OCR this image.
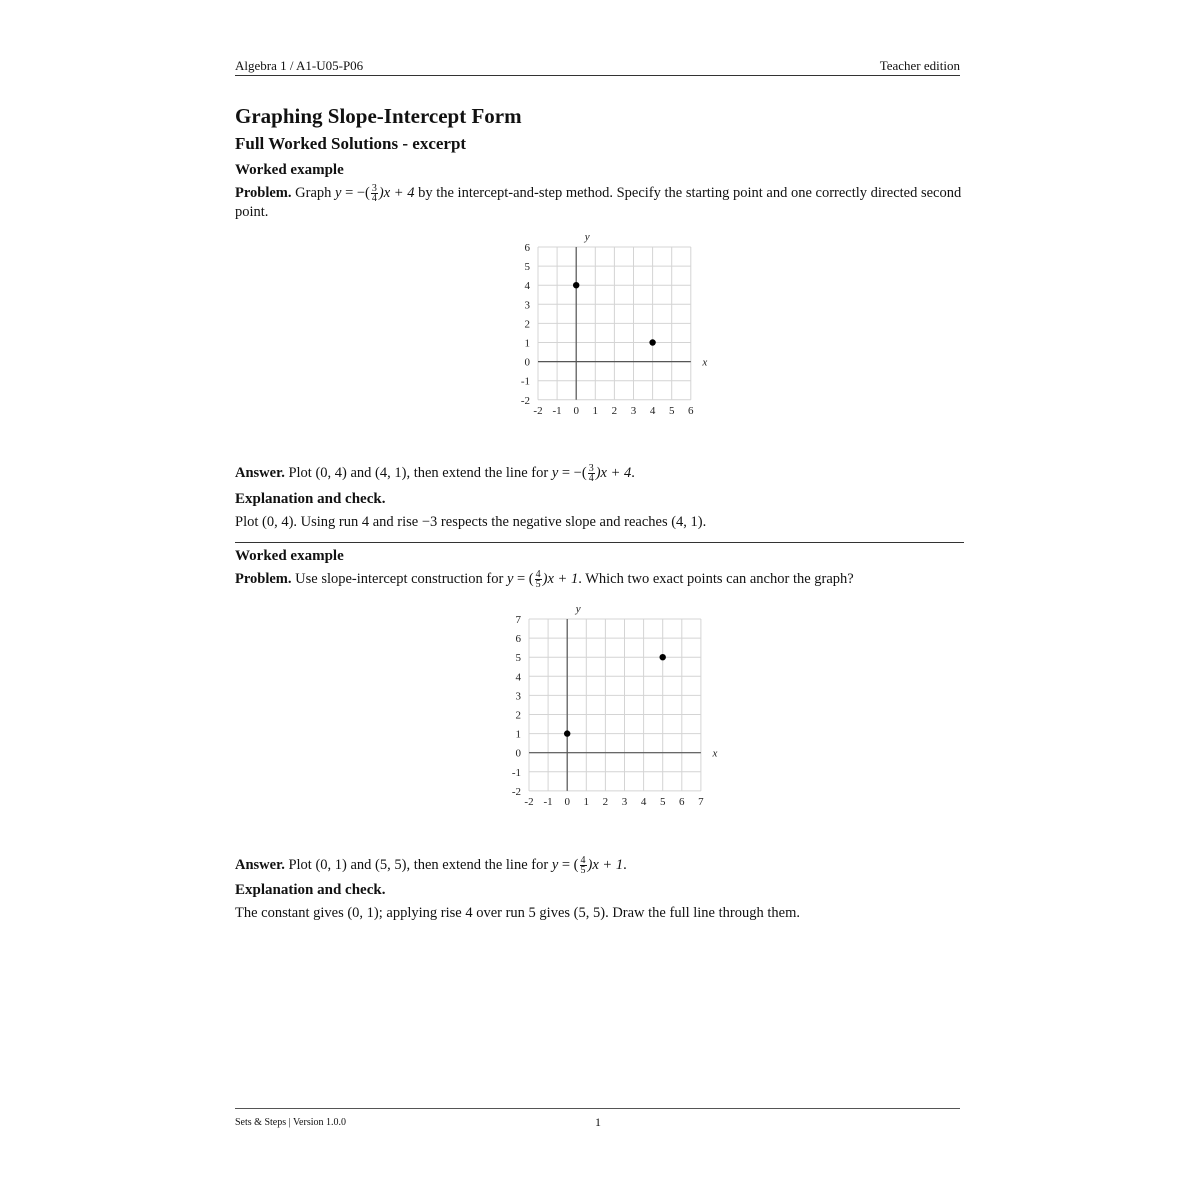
Algebra 1 / A1-U05-P06	Teacher edition
Graphing Slope-Intercept Form
Full Worked Solutions - excerpt
Worked example
Problem. Graph y = −( $\frac{3}{4} )x + 4$ by the intercept-and-step method. Specify the starting point and one correctly directed second point.
-2
-1
0
1
2
3
4
5
6
-2 -1 0 1 2 3 4 5 6
x
y
Answer. Plot (0, 4) and (4, 1), then extend the line for y = −( $\frac{3}{4} )x + 4$.
Explanation and check.
Plot (0, 4). Using run 4 and rise −3 respects the negative slope and reaches (4, 1).
Worked example
Problem. Use slope-intercept construction for y = ( $\frac{4}{5} )x + 1$. Which two exact points can anchor the graph?
-2
-1
0
1
2
3
4
5
6
7
-2 -1 0 1 2 3 4 5 6 7
x
y
Answer. Plot (0, 1) and (5, 5), then extend the line for y = ( $\frac{4}{5} )x + 1$.
Explanation and check.
The constant gives (0, 1); applying rise 4 over run 5 gives (5, 5). Draw the full line through them.
Sets & Steps | Version 1.0.0	1
